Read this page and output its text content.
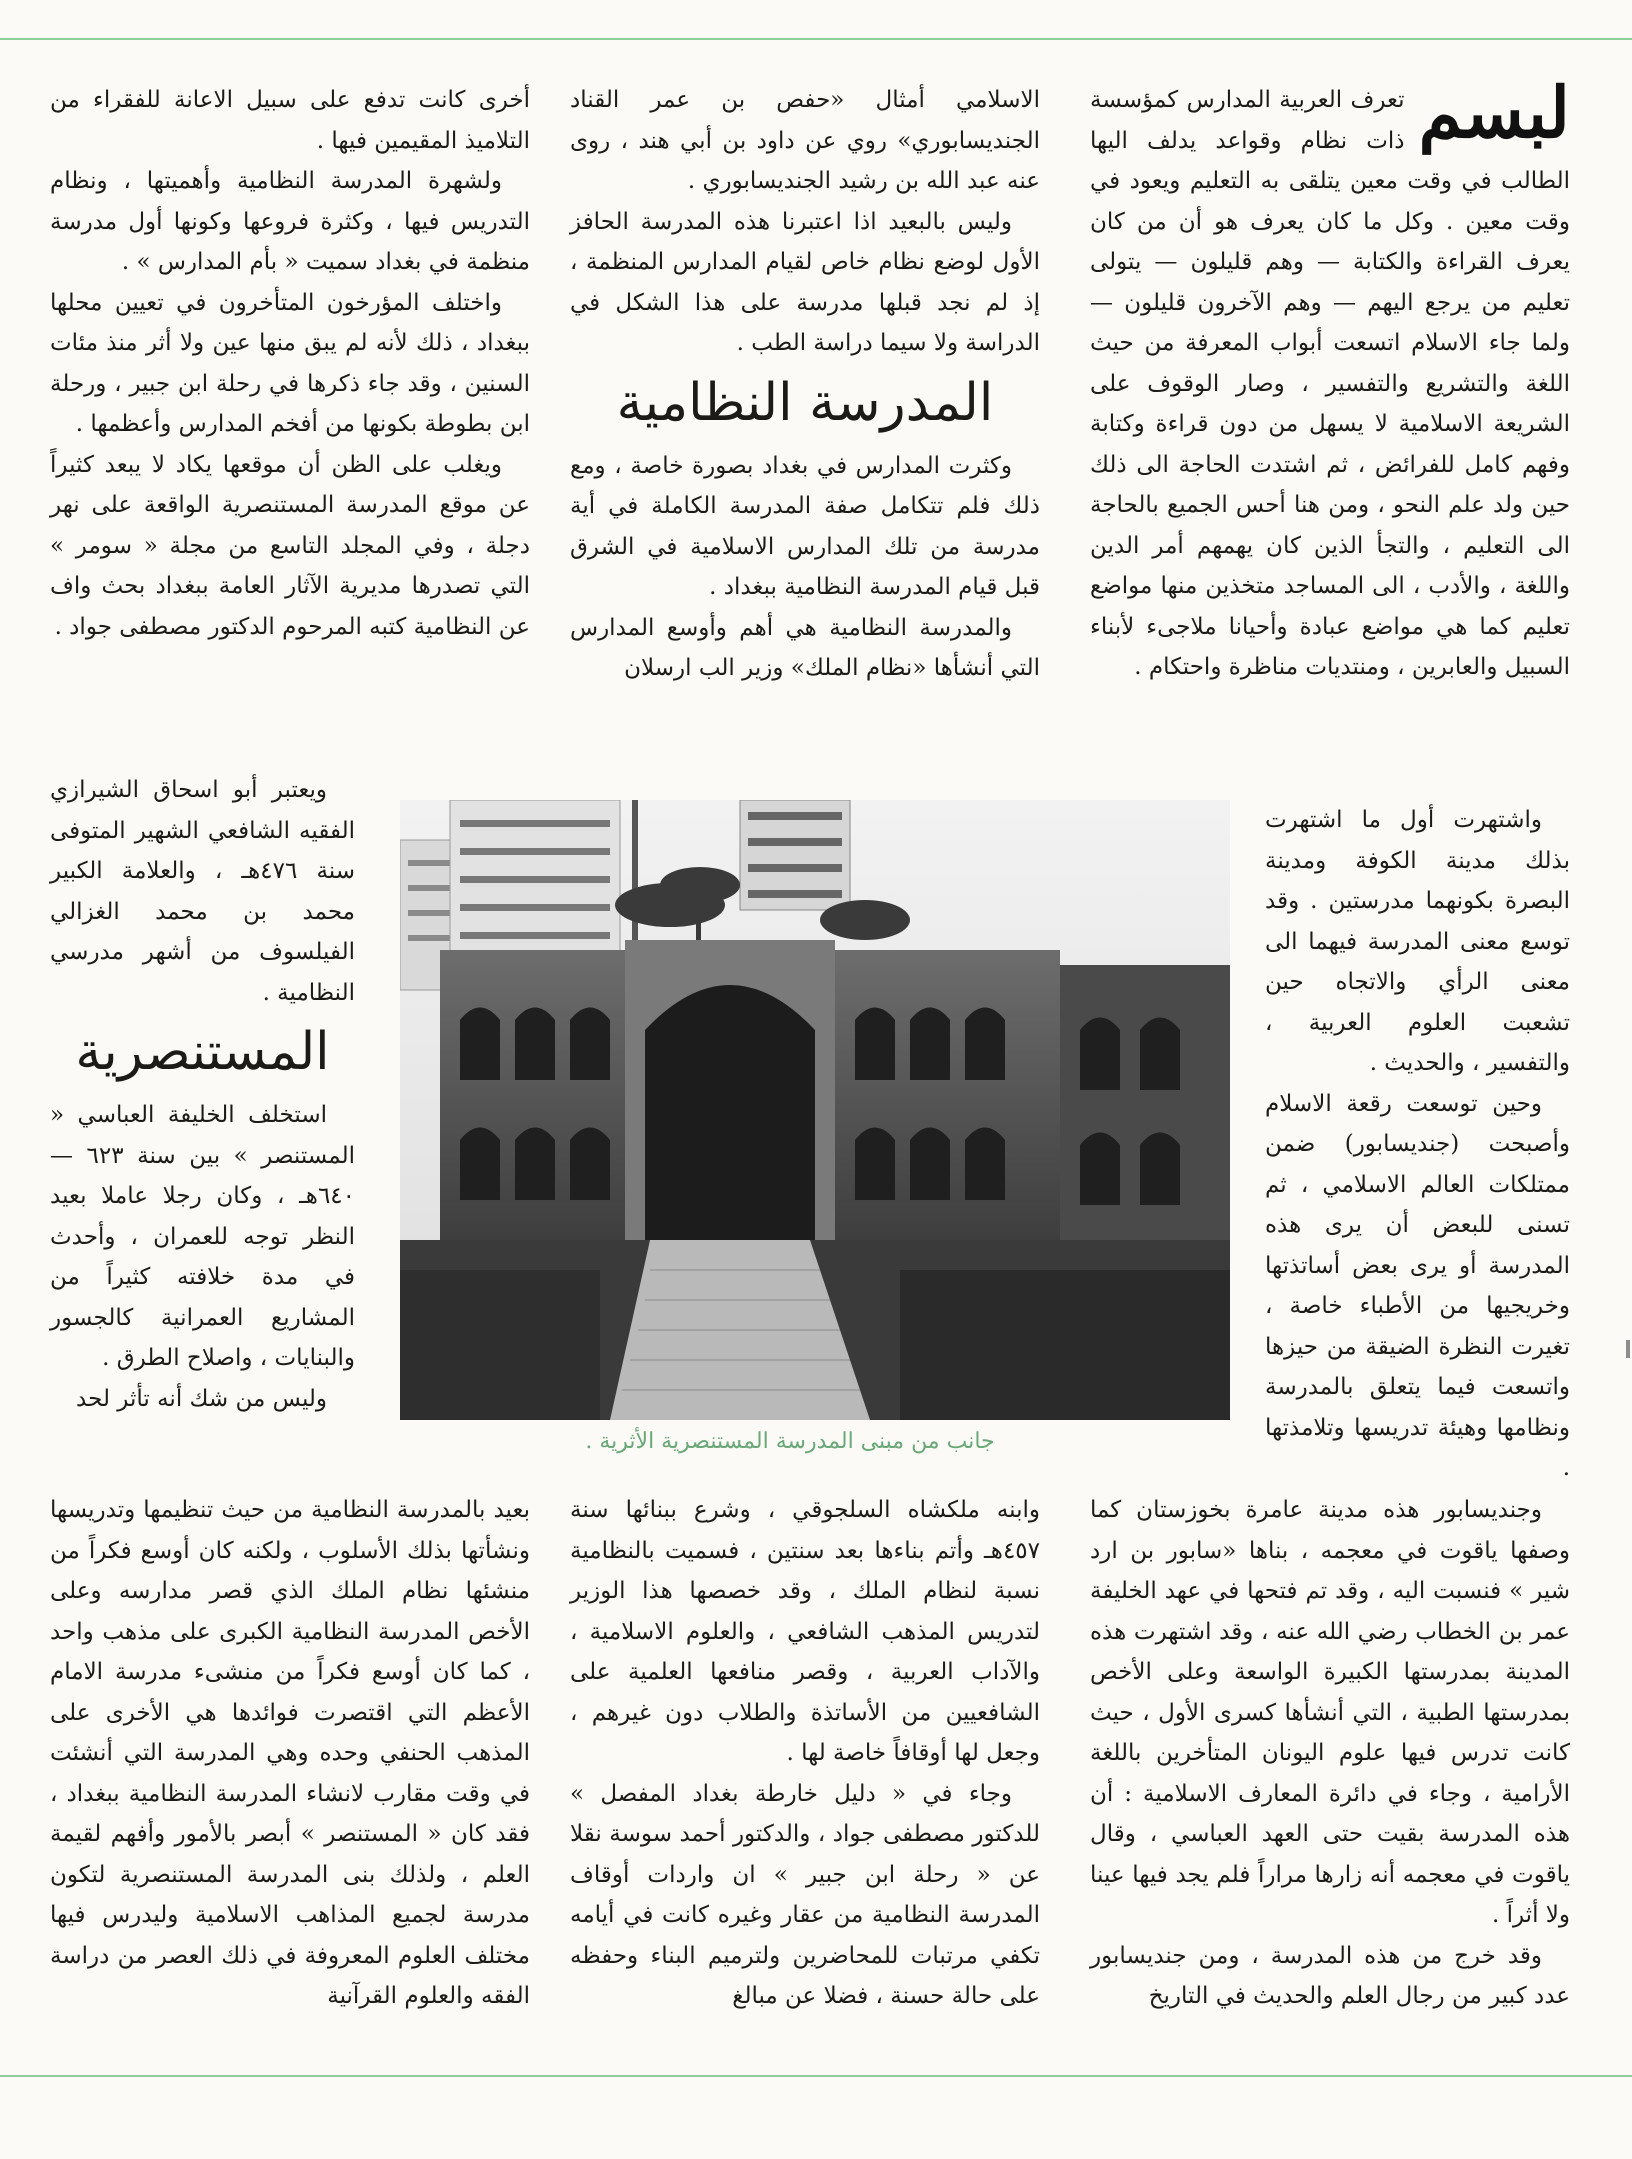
لبسم

تعرف العربية المدارس كمؤسسة ذات نظام وقواعد يدلف اليها الطالب في وقت معين يتلقى به التعليم ويعود في وقت معين . وكل ما كان يعرف هو أن من كان يعرف القراءة والكتابة — وهم قليلون — يتولى تعليم من يرجع اليهم — وهم الآخرون قليلون — ولما جاء الاسلام اتسعت أبواب المعرفة من حيث اللغة والتشريع والتفسير ، وصار الوقوف على الشريعة الاسلامية لا يسهل من دون قراءة وكتابة وفهم كامل للفرائض ، ثم اشتدت الحاجة الى ذلك حين ولد علم النحو ، ومن هنا أحس الجميع بالحاجة الى التعليم ، والتجأ الذين كان يهمهم أمر الدين واللغة ، والأدب ، الى المساجد متخذين منها مواضع تعليم كما هي مواضع عبادة وأحيانا ملاجىء لأبناء السبيل والعابرين ، ومنتديات مناظرة واحتكام .

واشتهرت أول ما اشتهرت بذلك مدينة الكوفة ومدينة البصرة بكونهما مدرستين . وقد توسع معنى المدرسة فيهما الى معنى الرأي والاتجاه حين تشعبت العلوم العربية ، والتفسير ، والحديث .

وحين توسعت رقعة الاسلام وأصبحت (جنديسابور) ضمن ممتلكات العالم الاسلامي ، ثم تسنى للبعض أن يرى هذه المدرسة أو يرى بعض أساتذتها وخريجيها من الأطباء خاصة ، تغيرت النظرة الضيقة من حيزها واتسعت فيما يتعلق بالمدرسة ونظامها وهيئة تدريسها وتلامذتها .

الاسلامي أمثال «حفص بن عمر القناد الجنديسابوري» روي عن داود بن أبي هند ، روى عنه عبد الله بن رشيد الجنديسابوري .

وليس بالبعيد اذا اعتبرنا هذه المدرسة الحافز الأول لوضع نظام خاص لقيام المدارس المنظمة ، إذ لم نجد قبلها مدرسة على هذا الشكل في الدراسة ولا سيما دراسة الطب .

المدرسة النظامية

وكثرت المدارس في بغداد بصورة خاصة ، ومع ذلك فلم تتكامل صفة المدرسة الكاملة في أية مدرسة من تلك المدارس الاسلامية في الشرق قبل قيام المدرسة النظامية ببغداد .

والمدرسة النظامية هي أهم وأوسع المدارس التي أنشأها «نظام الملك» وزير الب ارسلان

أخرى كانت تدفع على سبيل الاعانة للفقراء من التلاميذ المقيمين فيها .

ولشهرة المدرسة النظامية وأهميتها ، ونظام التدريس فيها ، وكثرة فروعها وكونها أول مدرسة منظمة في بغداد سميت « بأم المدارس » .

واختلف المؤرخون المتأخرون في تعيين محلها ببغداد ، ذلك لأنه لم يبق منها عين ولا أثر منذ مئات السنين ، وقد جاء ذكرها في رحلة ابن جبير ، ورحلة ابن بطوطة بكونها من أفخم المدارس وأعظمها .

ويغلب على الظن أن موقعها يكاد لا يبعد كثيراً عن موقع المدرسة المستنصرية الواقعة على نهر دجلة ، وفي المجلد التاسع من مجلة « سومر » التي تصدرها مديرية الآثار العامة ببغداد بحث واف عن النظامية كتبه المرحوم الدكتور مصطفى جواد .

ويعتبر أبو اسحاق الشيرازي الفقيه الشافعي الشهير المتوفى سنة ٤٧٦هـ ، والعلامة الكبير محمد بن محمد الغزالي الفيلسوف من أشهر مدرسي النظامية .

المستنصرية

استخلف الخليفة العباسي « المستنصر » بين سنة ٦٢٣ — ٦٤٠هـ ، وكان رجلا عاملا بعيد النظر توجه للعمران ، وأحدث في مدة خلافته كثيراً من المشاريع العمرانية كالجسور والبنايات ، واصلاح الطرق .

وليس من شك أنه تأثر لحد

جانب من مبنى المدرسة المستنصرية الأثرية .

وجنديسابور هذه مدينة عامرة بخوزستان كما وصفها ياقوت في معجمه ، بناها «سابور بن ارد شير » فنسبت اليه ، وقد تم فتحها في عهد الخليفة عمر بن الخطاب رضي الله عنه ، وقد اشتهرت هذه المدينة بمدرستها الكبيرة الواسعة وعلى الأخص بمدرستها الطبية ، التي أنشأها كسرى الأول ، حيث كانت تدرس فيها علوم اليونان المتأخرين باللغة الأرامية ، وجاء في دائرة المعارف الاسلامية : أن هذه المدرسة بقيت حتى العهد العباسي ، وقال ياقوت في معجمه أنه زارها مراراً فلم يجد فيها عينا ولا أثراً .

وقد خرج من هذه المدرسة ، ومن جنديسابور عدد كبير من رجال العلم والحديث في التاريخ

وابنه ملكشاه السلجوقي ، وشرع ببنائها سنة ٤٥٧هـ وأتم بناءها بعد سنتين ، فسميت بالنظامية نسبة لنظام الملك ، وقد خصصها هذا الوزير لتدريس المذهب الشافعي ، والعلوم الاسلامية ، والآداب العربية ، وقصر منافعها العلمية على الشافعيين من الأساتذة والطلاب دون غيرهم ، وجعل لها أوقافاً خاصة لها .

وجاء في « دليل خارطة بغداد المفصل » للدكتور مصطفى جواد ، والدكتور أحمد سوسة نقلا عن « رحلة ابن جبير » ان واردات أوقاف المدرسة النظامية من عقار وغيره كانت في أيامه تكفي مرتبات للمحاضرين ولترميم البناء وحفظه على حالة حسنة ، فضلا عن مبالغ

بعيد بالمدرسة النظامية من حيث تنظيمها وتدريسها ونشأتها بذلك الأسلوب ، ولكنه كان أوسع فكراً من منشئها نظام الملك الذي قصر مدارسه وعلى الأخص المدرسة النظامية الكبرى على مذهب واحد ، كما كان أوسع فكراً من منشىء مدرسة الامام الأعظم التي اقتصرت فوائدها هي الأخرى على المذهب الحنفي وحده وهي المدرسة التي أنشئت في وقت مقارب لانشاء المدرسة النظامية ببغداد ، فقد كان « المستنصر » أبصر بالأمور وأفهم لقيمة العلم ، ولذلك بنى المدرسة المستنصرية لتكون مدرسة لجميع المذاهب الاسلامية وليدرس فيها مختلف العلوم المعروفة في ذلك العصر من دراسة الفقه والعلوم القرآنية
